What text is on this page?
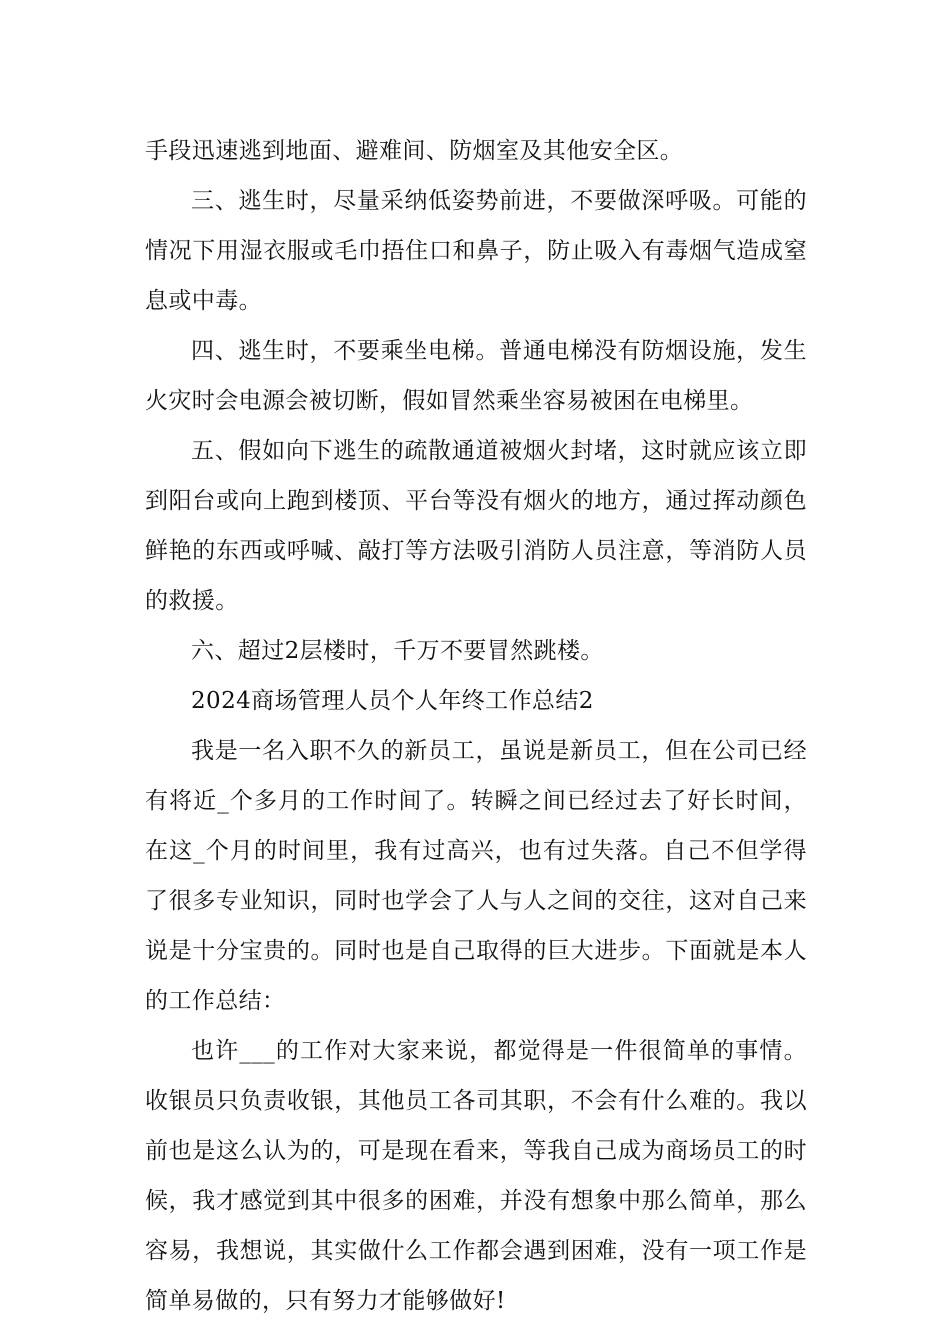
手段迅速逃到地面、避难间、防烟室及其他安全区。

三、逃生时，尽量采纳低姿势前进，不要做深呼吸。可能的情况下用湿衣服或毛巾捂住口和鼻子，防止吸入有毒烟气造成窒息或中毒。

四、逃生时，不要乘坐电梯。普通电梯没有防烟设施，发生火灾时会电源会被切断，假如冒然乘坐容易被困在电梯里。

五、假如向下逃生的疏散通道被烟火封堵，这时就应该立即到阳台或向上跑到楼顶、平台等没有烟火的地方，通过挥动颜色鲜艳的东西或呼喊、敲打等方法吸引消防人员注意，等消防人员的救援。

六、超过2层楼时，千万不要冒然跳楼。

2024商场管理人员个人年终工作总结2

我是一名入职不久的新员工，虽说是新员工，但在公司已经有将近_个多月的工作时间了。转瞬之间已经过去了好长时间，在这_个月的时间里，我有过高兴，也有过失落。自己不但学得了很多专业知识，同时也学会了人与人之间的交往，这对自己来说是十分宝贵的。同时也是自己取得的巨大进步。下面就是本人的工作总结：

也许___的工作对大家来说，都觉得是一件很简单的事情。收银员只负责收银，其他员工各司其职，不会有什么难的。我以前也是这么认为的，可是现在看来，等我自己成为商场员工的时候，我才感觉到其中很多的困难，并没有想象中那么简单，那么容易，我想说，其实做什么工作都会遇到困难，没有一项工作是简单易做的，只有努力才能够做好!
